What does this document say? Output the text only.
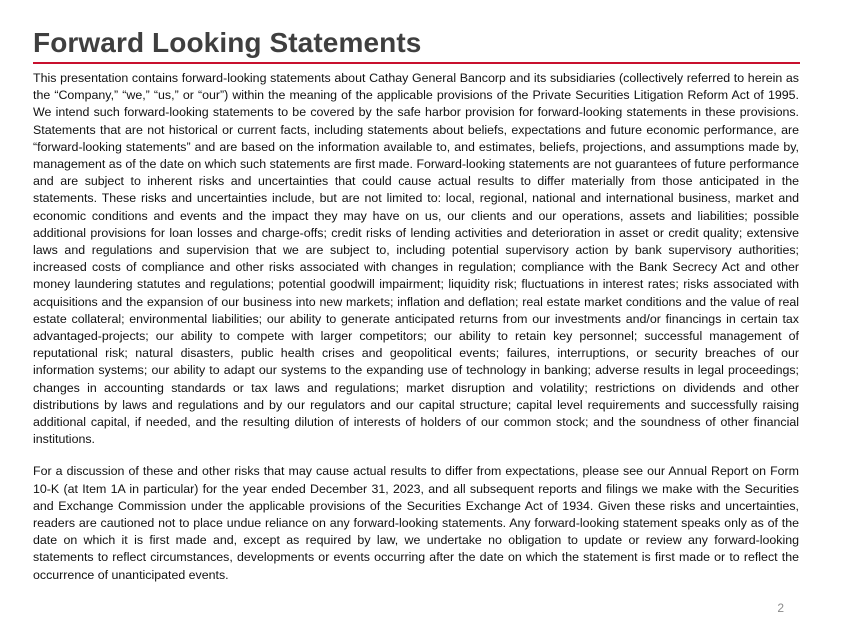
Forward Looking Statements

This presentation contains forward-looking statements about Cathay General Bancorp and its subsidiaries (collectively referred to herein as the “Company,” “we,” “us,” or “our”) within the meaning of the applicable provisions of the Private Securities Litigation Reform Act of 1995. We intend such forward-looking statements to be covered by the safe harbor provision for forward-looking statements in these provisions. Statements that are not historical or current facts, including statements about beliefs, expectations and future economic performance, are “forward-looking statements” and are based on the information available to, and estimates, beliefs, projections, and assumptions made by, management as of the date on which such statements are first made. Forward-looking statements are not guarantees of future performance and are subject to inherent risks and uncertainties that could cause actual results to differ materially from those anticipated in the statements. These risks and uncertainties include, but are not limited to: local, regional, national and international business, market and economic conditions and events and the impact they may have on us, our clients and our operations, assets and liabilities; possible additional provisions for loan losses and charge-offs; credit risks of lending activities and deterioration in asset or credit quality; extensive laws and regulations and supervision that we are subject to, including potential supervisory action by bank supervisory authorities; increased costs of compliance and other risks associated with changes in regulation; compliance with the Bank Secrecy Act and other money laundering statutes and regulations; potential goodwill impairment; liquidity risk; fluctuations in interest rates; risks associated with acquisitions and the expansion of our business into new markets; inflation and deflation; real estate market conditions and the value of real estate collateral; environmental liabilities; our ability to generate anticipated returns from our investments and/or financings in certain tax advantaged-projects; our ability to compete with larger competitors; our ability to retain key personnel; successful management of reputational risk; natural disasters, public health crises and geopolitical events; failures, interruptions, or security breaches of our information systems; our ability to adapt our systems to the expanding use of technology in banking; adverse results in legal proceedings; changes in accounting standards or tax laws and regulations; market disruption and volatility; restrictions on dividends and other distributions by laws and regulations and by our regulators and our capital structure; capital level requirements and successfully raising additional capital, if needed, and the resulting dilution of interests of holders of our common stock; and the soundness of other financial institutions.

For a discussion of these and other risks that may cause actual results to differ from expectations, please see our Annual Report on Form 10-K (at Item 1A in particular) for the year ended December 31, 2023, and all subsequent reports and filings we make with the Securities and Exchange Commission under the applicable provisions of the Securities Exchange Act of 1934. Given these risks and uncertainties, readers are cautioned not to place undue reliance on any forward-looking statements. Any forward-looking statement speaks only as of the date on which it is first made and, except as required by law, we undertake no obligation to update or review any forward-looking statements to reflect circumstances, developments or events occurring after the date on which the statement is first made or to reflect the occurrence of unanticipated events.

2
